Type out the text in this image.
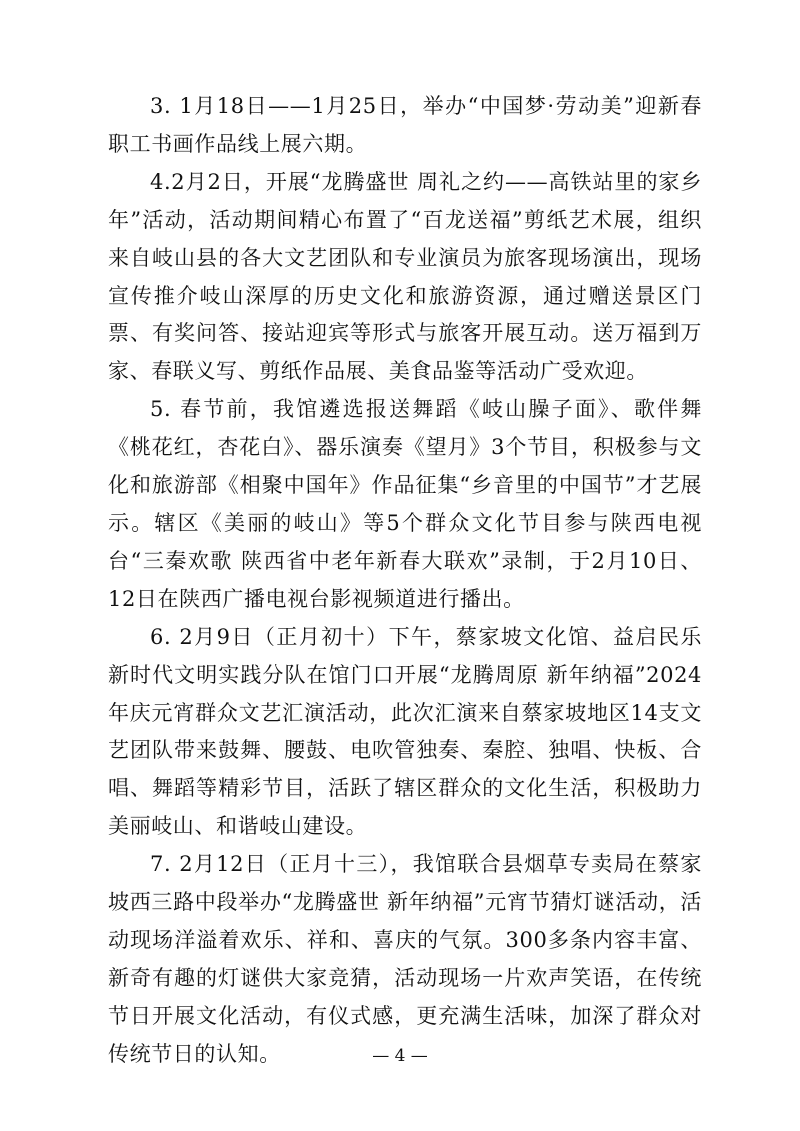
3. 1月18日——1月25日，举办“中国梦·劳动美”迎新春职工书画作品线上展六期。

4.2月2日，开展“龙腾盛世 周礼之约——高铁站里的家乡年”活动，活动期间精心布置了“百龙送福”剪纸艺术展，组织来自岐山县的各大文艺团队和专业演员为旅客现场演出，现场宣传推介岐山深厚的历史文化和旅游资源，通过赠送景区门票、有奖问答、接站迎宾等形式与旅客开展互动。送万福到万家、春联义写、剪纸作品展、美食品鉴等活动广受欢迎。

5. 春节前，我馆遴选报送舞蹈《岐山臊子面》、歌伴舞《桃花红，杏花白》、器乐演奏《望月》3个节目，积极参与文化和旅游部《相聚中国年》作品征集“乡音里的中国节”才艺展示。辖区《美丽的岐山》等5个群众文化节目参与陕西电视台“三秦欢歌 陕西省中老年新春大联欢”录制，于2月10日、12日在陕西广播电视台影视频道进行播出。

6. 2月9日（正月初十）下午，蔡家坡文化馆、益启民乐新时代文明实践分队在馆门口开展“龙腾周原 新年纳福”2024年庆元宵群众文艺汇演活动，此次汇演来自蔡家坡地区14支文艺团队带来鼓舞、腰鼓、电吹管独奏、秦腔、独唱、快板、合唱、舞蹈等精彩节目，活跃了辖区群众的文化生活，积极助力美丽岐山、和谐岐山建设。

7. 2月12日（正月十三），我馆联合县烟草专卖局在蔡家坡西三路中段举办“龙腾盛世 新年纳福”元宵节猜灯谜活动，活动现场洋溢着欢乐、祥和、喜庆的气氛。300多条内容丰富、新奇有趣的灯谜供大家竞猜，活动现场一片欢声笑语，在传统节日开展文化活动，有仪式感，更充满生活味，加深了群众对传统节日的认知。	— 4 —
